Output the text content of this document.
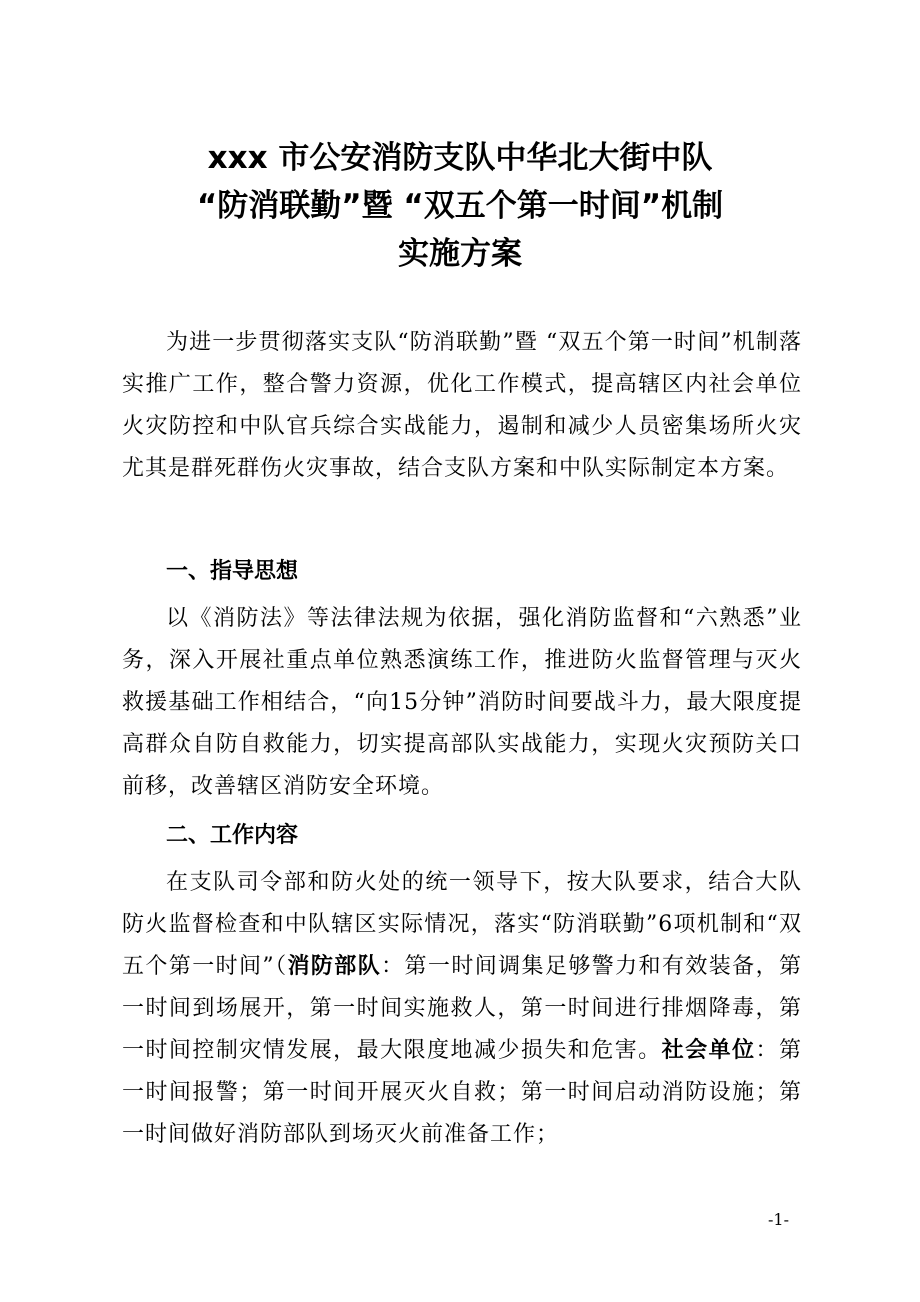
xxx 市公安消防支队中华北大街中队
“防消联勤”暨 “双五个第一时间”机制
实施方案

为进一步贯彻落实支队“防消联勤”暨 “双五个第一时间”机制落实推广工作，整合警力资源，优化工作模式，提高辖区内社会单位火灾防控和中队官兵综合实战能力，遏制和减少人员密集场所火灾尤其是群死群伤火灾事故，结合支队方案和中队实际制定本方案。

一、指导思想

以《消防法》等法律法规为依据，强化消防监督和“六熟悉”业务，深入开展社重点单位熟悉演练工作，推进防火监督管理与灭火救援基础工作相结合，“向15分钟”消防时间要战斗力，最大限度提高群众自防自救能力，切实提高部队实战能力，实现火灾预防关口前移，改善辖区消防安全环境。

二、工作内容

在支队司令部和防火处的统一领导下，按大队要求，结合大队防火监督检查和中队辖区实际情况，落实“防消联勤”6项机制和“双五个第一时间”（消防部队：第一时间调集足够警力和有效装备，第一时间到场展开，第一时间实施救人，第一时间进行排烟降毒，第一时间控制灾情发展，最大限度地减少损失和危害。社会单位：第一时间报警；第一时间开展灭火自救；第一时间启动消防设施；第一时间做好消防部队到场灭火前准备工作；

-1-
